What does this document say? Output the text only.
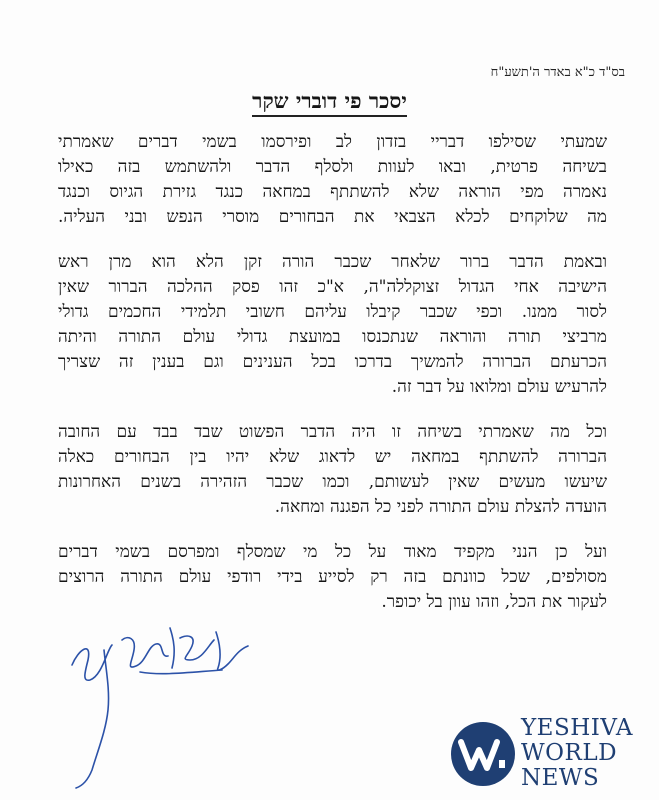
בס"ד כ"א באדר ה'תשע"ח
יסכר פי דוברי שקר
שמעתי שסילפו דבריי בזדון לב ופירסמו בשמי דברים שאמרתי
בשיחה פרטית, ובאו לעוות ולסלף הדבר ולהשתמש בזה כאילו
נאמרה מפי הוראה שלא להשתתף במחאה כנגד גזירת הגיוס וכנגד
מה שלוקחים לכלא הצבאי את הבחורים מוסרי הנפש ובני העליה.
ובאמת הדבר ברור שלאחר שכבר הורה זקן הלא הוא מרן ראש
הישיבה אחי הגדול זצוקללה"ה, א"כ זהו פסק ההלכה הברור שאין
לסור ממנו. וכפי שכבר קיבלו עליהם חשובי תלמידי החכמים גדולי
מרביצי תורה והוראה שנתכנסו במועצת גדולי עולם התורה והיתה
הכרעתם הברורה להמשיך בדרכו בכל הענינים וגם בענין זה שצריך
להרעיש עולם ומלואו על דבר זה.
וכל מה שאמרתי בשיחה זו היה הדבר הפשוט שבד בבד עם החובה
הברורה להשתתף במחאה יש לדאוג שלא יהיו בין הבחורים כאלה
שיעשו מעשים שאין לעשותם, וכמו שכבר הזהירה בשנים האחרונות
הועדה להצלת עולם התורה לפני כל הפגנה ומחאה.
ועל כן הנני מקפיד מאוד על כל מי שמסלף ומפרסם בשמי דברים
מסולפים, שכל כוונתם בזה רק לסייע בידי רודפי עולם התורה הרוצים
לעקור את הכל, וזהו עוון בל יכופר.
YESHIVA
WORLD
NEWS
